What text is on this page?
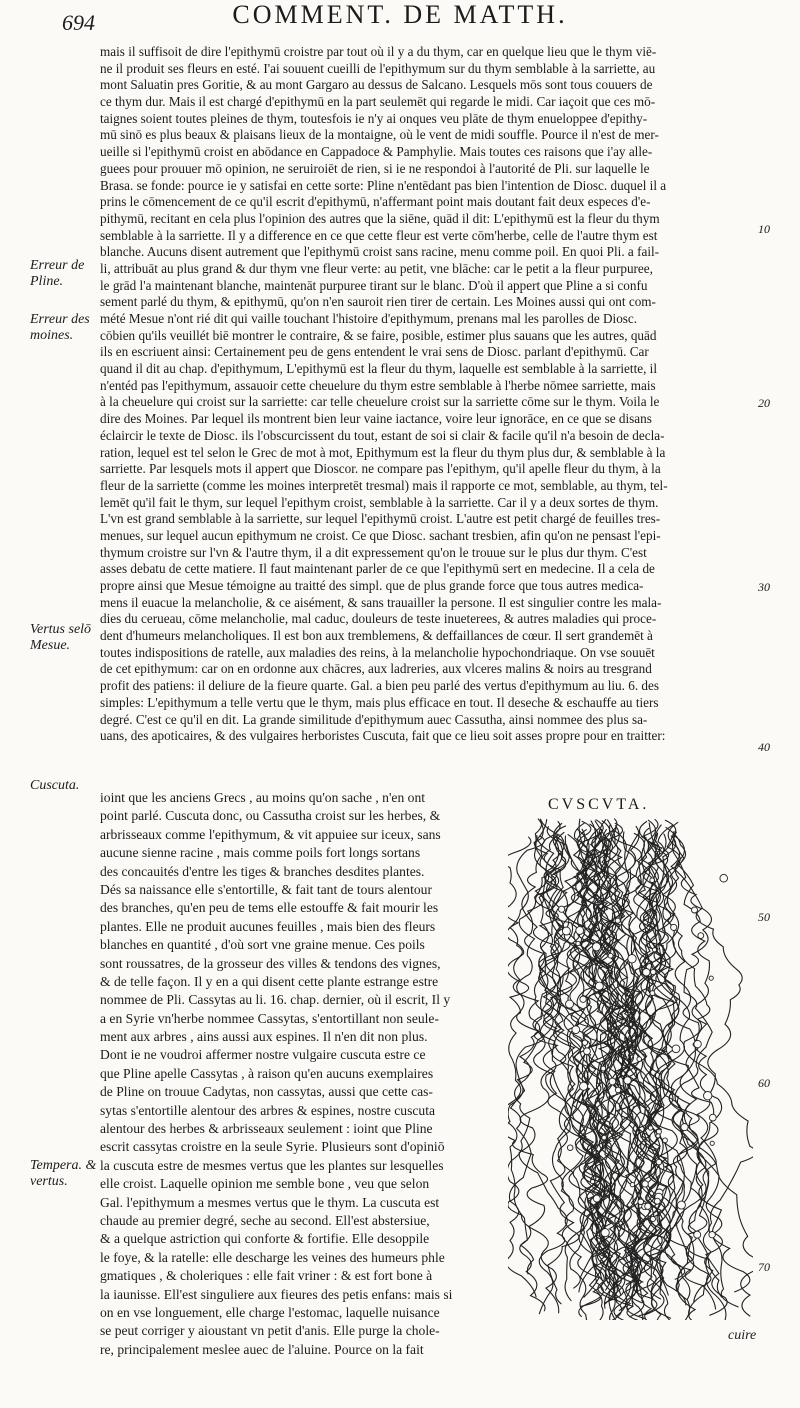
694	COMMENT. DE MATTH.
mais il suffisoit de dire l'epithymū croistre par tout où il y a du thym, car en quelque lieu que le thym viē-
ne il produit ses fleurs en esté. I'ai souuent cueilli de l'epithymum sur du thym semblable à la sarriette, au
mont Saluatin pres Goritie, & au mont Gargaro au dessus de Salcano. Lesquels mōs sont tous couuers de
ce thym dur. Mais il est chargé d'epithymū en la part seulemēt qui regarde le midi. Car iaçoit que ces mō-
taignes soient toutes pleines de thym, toutesfois ie n'y ai onques veu plāte de thym enueloppee d'epithy-
mū sinō es plus beaux & plaisans lieux de la montaigne, où le vent de midi souffle. Pource il n'est de mer-
ueille si l'epithymū croist en abōdance en Cappadoce & Pamphylie. Mais toutes ces raisons que i'ay alle-
guees pour prouuer mō opinion, ne seruiroiēt de rien, si ie ne respondoi à l'autorité de Pli. sur laquelle le
Brasa. se fonde: pource ie y satisfai en cette sorte: Pline n'entēdant pas bien l'intention de Diosc. duquel il a
prins le cōmencement de ce qu'il escrit d'epithymū, n'affermant point mais doutant fait deux especes d'e-
pithymū, recitant en cela plus l'opinion des autres que la siēne, quād il dit: L'epithymū est la fleur du thym
semblable à la sarriette. Il y a difference en ce que cette fleur est verte cōm'herbe, celle de l'autre thym est
blanche. Aucuns disent autrement que l'epithymū croist sans racine, menu comme poil. En quoi Pli. a fail-
li, attribuāt au plus grand & dur thym vne fleur verte: au petit, vne blāche: car le petit a la fleur purpuree,
le grād l'a maintenant blanche, maintenāt purpuree tirant sur le blanc. D'où il appert que Pline a si confu
sement parlé du thym, & epithymū, qu'on n'en sauroit rien tirer de certain. Les Moines aussi qui ont com-
mété Mesue n'ont rié dit qui vaille touchant l'histoire d'epithymum, prenans mal les parolles de Diosc.
cōbien qu'ils veuillét biē montrer le contraire, & se faire, posible, estimer plus sauans que les autres, quād
ils en escriuent ainsi: Certainement peu de gens entendent le vrai sens de Diosc. parlant d'epithymū. Car
quand il dit au chap. d'epithymum, L'epithymū est la fleur du thym, laquelle est semblable à la sarriette, il
n'entéd pas l'epithymum, assauoir cette cheuelure du thym estre semblable à l'herbe nōmee sarriette, mais
à la cheuelure qui croist sur la sarriette: car telle cheuelure croist sur la sarriette cōme sur le thym. Voila le
dire des Moines. Par lequel ils montrent bien leur vaine iactance, voire leur ignorāce, en ce que se disans
éclaircir le texte de Diosc. ils l'obscurcissent du tout, estant de soi si clair & facile qu'il n'a besoin de decla-
ration, lequel est tel selon le Grec de mot à mot, Epithymum est la fleur du thym plus dur, & semblable à la
sarriette. Par lesquels mots il appert que Dioscor. ne compare pas l'epithym, qu'il apelle fleur du thym, à la
fleur de la sarriette (comme les moines interpretēt tresmal) mais il rapporte ce mot, semblable, au thym, tel-
lemēt qu'il fait le thym, sur lequel l'epithym croist, semblable à la sarriette. Car il y a deux sortes de thym.
L'vn est grand semblable à la sarriette, sur lequel l'epithymū croist. L'autre est petit chargé de feuilles tres-
menues, sur lequel aucun epithymum ne croist. Ce que Diosc. sachant tresbien, afin qu'on ne pensast l'epi-
thymum croistre sur l'vn & l'autre thym, il a dit expressement qu'on le trouue sur le plus dur thym. C'est
asses debatu de cette matiere. Il faut maintenant parler de ce que l'epithymū sert en medecine. Il a cela de
propre ainsi que Mesue témoigne au traitté des simpl. que de plus grande force que tous autres medica-
mens il euacue la melancholie, & ce aisément, & sans trauailler la persone. Il est singulier contre les mala-
dies du cerueau, cōme melancholie, mal caduc, douleurs de teste inueterees, & autres maladies qui proce-
dent d'humeurs melancholiques. Il est bon aux tremblemens, & deffaillances de cœur. Il sert grandemēt à
toutes indispositions de ratelle, aux maladies des reins, à la melancholie hypochondriaque. On vse souuēt
de cet epithymum: car on en ordonne aux chācres, aux ladreries, aux vlceres malins & noirs au tresgrand
profit des patiens: il deliure de la fieure quarte. Gal. a bien peu parlé des vertus d'epithymum au liu. 6. des
simples: L'epithymum a telle vertu que le thym, mais plus efficace en tout. Il deseche & eschauffe au tiers
degré. C'est ce qu'il en dit. La grande similitude d'epithymum auec Cassutha, ainsi nommee des plus sa-
uans, des apoticaires, & des vulgaires herboristes Cuscuta, fait que ce lieu soit asses propre pour en traitter:
ioint que les anciens Grecs , au moins qu'on sache , n'en ont
point parlé. Cuscuta donc, ou Cassutha croist sur les herbes, &
arbrisseaux comme l'epithymum, & vit appuiee sur iceux, sans
aucune sienne racine , mais comme poils fort longs sortans
des concauités d'entre les tiges & branches desdites plantes.
Dés sa naissance elle s'entortille, & fait tant de tours alentour
des branches, qu'en peu de tems elle estouffe & fait mourir les
plantes. Elle ne produit aucunes feuilles , mais bien des fleurs
blanches en quantité , d'où sort vne graine menue. Ces poils
sont roussatres, de la grosseur des villes & tendons des vignes,
& de telle façon. Il y en a qui disent cette plante estrange estre
nommee de Pli. Cassytas au li. 16. chap. dernier, où il escrit, Il y
a en Syrie vn'herbe nommee Cassytas, s'entortillant non seule-
ment aux arbres , ains aussi aux espines. Il n'en dit non plus.
Dont ie ne voudroi affermer nostre vulgaire cuscuta estre ce
que Pline apelle Cassytas , à raison qu'en aucuns exemplaires
de Pline on trouue Cadytas, non cassytas, aussi que cette cas-
sytas s'entortille alentour des arbres & espines, nostre cuscuta
alentour des herbes & arbrisseaux seulement : ioint que Pline
escrit cassytas croistre en la seule Syrie. Plusieurs sont d'opiniō
la cuscuta estre de mesmes vertus que les plantes sur lesquelles
elle croist. Laquelle opinion me semble bone , veu que selon
Gal. l'epithymum a mesmes vertus que le thym. La cuscuta est
chaude au premier degré, seche au second. Ell'est abstersiue,
& a quelque astriction qui conforte & fortifie. Elle desoppile
le foye, & la ratelle: elle descharge les veines des humeurs phle
gmatiques , & choleriques : elle fait vriner : & est fort bone à
la iaunisse. Ell'est singuliere aux fieures des petis enfans: mais si
on en vse longuement, elle charge l'estomac, laquelle nuisance
se peut corriger y aioustant vn petit d'anis. Elle purge la chole-
re, principalement meslee auec de l'aluine. Pource on la fait
Erreur de Pline.
Erreur des moines.
Vertus selō Mesue.
Cuscuta.
Tempera. & vertus.
10
20
30
40
50
60
70
CVSCVTA.
cuire
